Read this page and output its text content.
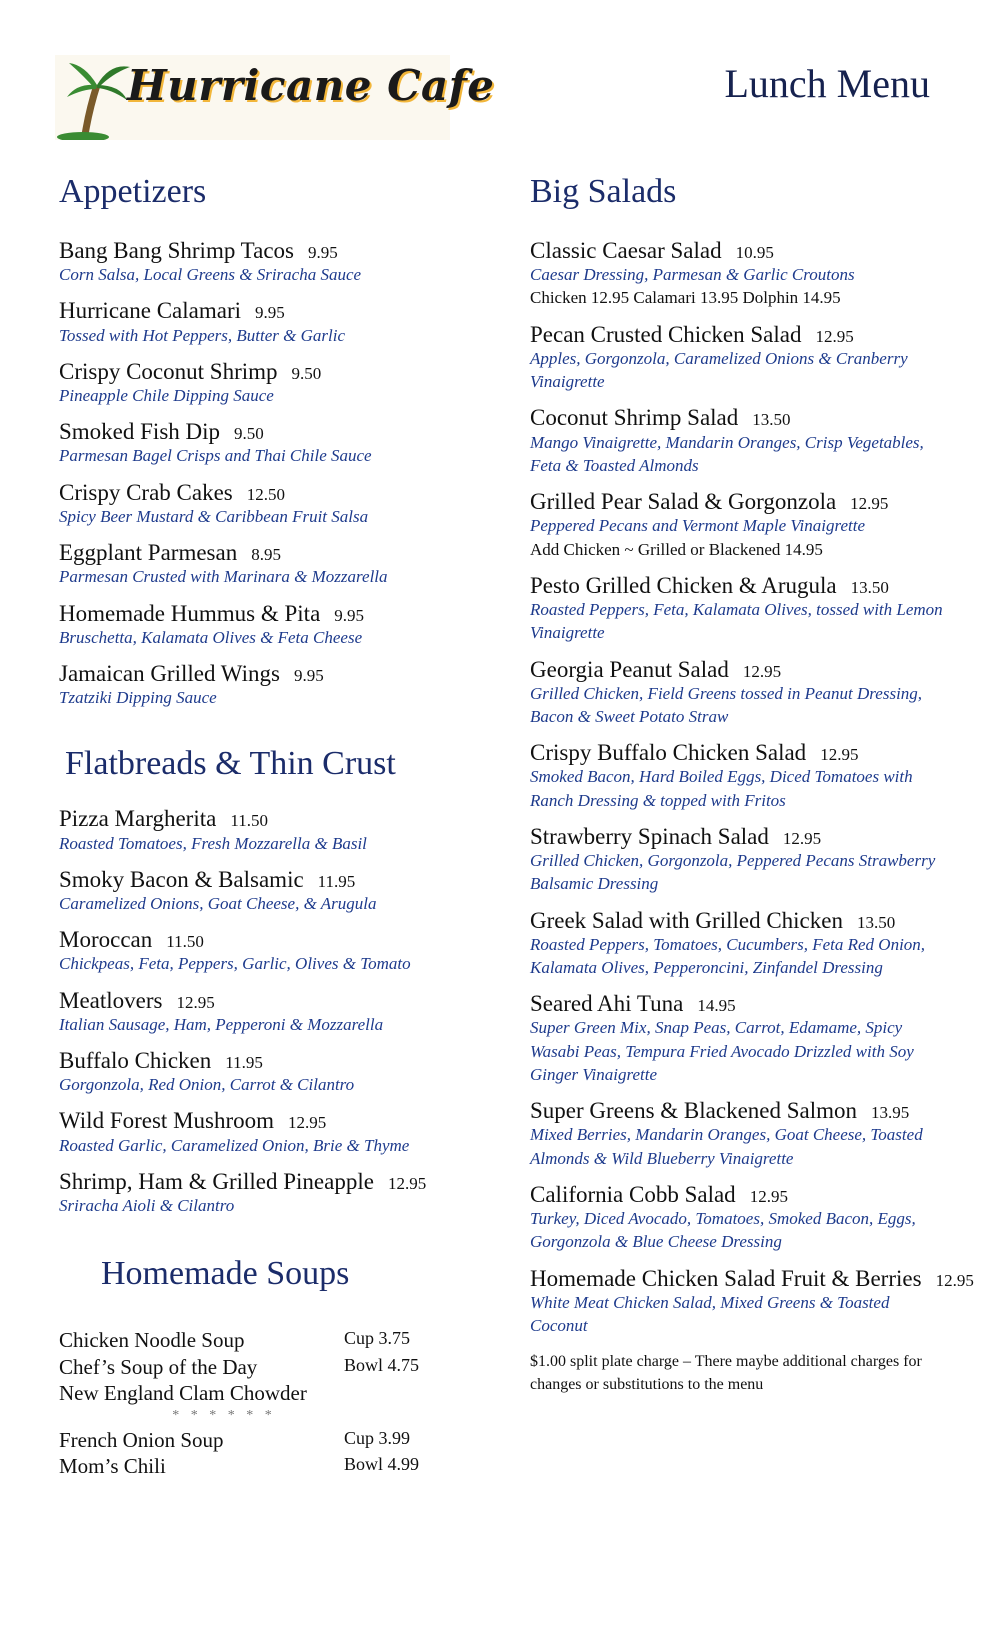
Hurricane Cafe	Lunch Menu
Appetizers
Bang Bang Shrimp Tacos 9.95
Corn Salsa, Local Greens & Sriracha Sauce
Hurricane Calamari 9.95
Tossed with Hot Peppers, Butter & Garlic
Crispy Coconut Shrimp 9.50
Pineapple Chile Dipping Sauce
Smoked Fish Dip 9.50
Parmesan Bagel Crisps and Thai Chile Sauce
Crispy Crab Cakes 12.50
Spicy Beer Mustard & Caribbean Fruit Salsa
Eggplant Parmesan 8.95
Parmesan Crusted with Marinara & Mozzarella
Homemade Hummus & Pita 9.95
Bruschetta, Kalamata Olives & Feta Cheese
Jamaican Grilled Wings 9.95
Tzatziki Dipping Sauce
Flatbreads & Thin Crust
Pizza Margherita 11.50
Roasted Tomatoes, Fresh Mozzarella & Basil
Smoky Bacon & Balsamic 11.95
Caramelized Onions, Goat Cheese, & Arugula
Moroccan 11.50
Chickpeas, Feta, Peppers, Garlic, Olives & Tomato
Meatlovers 12.95
Italian Sausage, Ham, Pepperoni & Mozzarella
Buffalo Chicken 11.95
Gorgonzola, Red Onion, Carrot & Cilantro
Wild Forest Mushroom 12.95
Roasted Garlic, Caramelized Onion, Brie & Thyme
Shrimp, Ham & Grilled Pineapple 12.95
Sriracha Aioli & Cilantro
Homemade Soups
Chicken Noodle Soup	Cup 3.75
Chef’s Soup of the Day	Bowl 4.75
New England Clam Chowder
* * * * * *
French Onion Soup	Cup 3.99
Mom’s Chili	Bowl 4.99
Big Salads
Classic Caesar Salad 10.95
Caesar Dressing, Parmesan & Garlic Croutons
Chicken 12.95 Calamari 13.95 Dolphin 14.95
Pecan Crusted Chicken Salad 12.95
Apples, Gorgonzola, Caramelized Onions & Cranberry Vinaigrette
Coconut Shrimp Salad 13.50
Mango Vinaigrette, Mandarin Oranges, Crisp Vegetables, Feta & Toasted Almonds
Grilled Pear Salad & Gorgonzola 12.95
Peppered Pecans and Vermont Maple Vinaigrette
Add Chicken ~ Grilled or Blackened 14.95
Pesto Grilled Chicken & Arugula 13.50
Roasted Peppers, Feta, Kalamata Olives, tossed with Lemon Vinaigrette
Georgia Peanut Salad 12.95
Grilled Chicken, Field Greens tossed in Peanut Dressing, Bacon & Sweet Potato Straw
Crispy Buffalo Chicken Salad 12.95
Smoked Bacon, Hard Boiled Eggs, Diced Tomatoes with Ranch Dressing & topped with Fritos
Strawberry Spinach Salad 12.95
Grilled Chicken, Gorgonzola, Peppered Pecans Strawberry Balsamic Dressing
Greek Salad with Grilled Chicken 13.50
Roasted Peppers, Tomatoes, Cucumbers, Feta Red Onion, Kalamata Olives, Pepperoncini, Zinfandel Dressing
Seared Ahi Tuna 14.95
Super Green Mix, Snap Peas, Carrot, Edamame, Spicy Wasabi Peas, Tempura Fried Avocado Drizzled with Soy Ginger Vinaigrette
Super Greens & Blackened Salmon 13.95
Mixed Berries, Mandarin Oranges, Goat Cheese, Toasted Almonds & Wild Blueberry Vinaigrette
California Cobb Salad 12.95
Turkey, Diced Avocado, Tomatoes, Smoked Bacon, Eggs, Gorgonzola & Blue Cheese Dressing
Homemade Chicken Salad Fruit & Berries 12.95
White Meat Chicken Salad, Mixed Greens & Toasted Coconut
$1.00 split plate charge – There maybe additional charges for changes or substitutions to the menu
